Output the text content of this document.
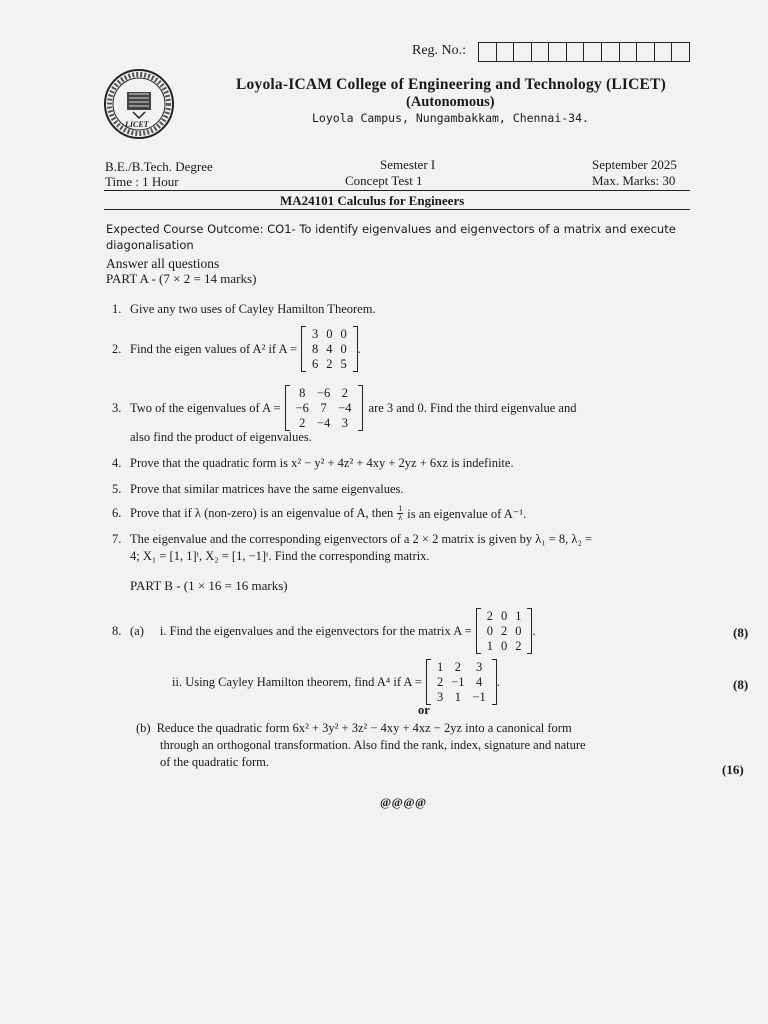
Reg. No.:
LICET
Loyola-ICAM College of Engineering and Technology (LICET)
(Autonomous)
Loyola Campus, Nungambakkam, Chennai-34.
B.E./B.Tech. Degree
Time : 1 Hour
Semester I
Concept Test 1
September 2025
Max. Marks: 30
MA24101 Calculus for Engineers
Expected Course Outcome: CO1- To identify eigenvalues and eigenvectors of a matrix and execute diagonalisation
Answer all questions
PART A - (7 × 2 = 14 marks)
1. Give any two uses of Cayley Hamilton Theorem.
2. Find the eigen values of A² if A =
3	0	0
8	4	0
6	2	5
.
3. Two of the eigenvalues of A =
8	−6	2
−6	7	−4
2	−4	3
are 3 and 0. Find the third eigenvalue and
also find the product of eigenvalues.
4. Prove that the quadratic form is x² − y² + 4z² + 4xy + 2yz + 6xz is indefinite.
5. Prove that similar matrices have the same eigenvalues.
6. Prove that if λ (non-zero) is an eigenvalue of A, then 1
λ is an eigenvalue of A⁻¹.
7. The eigenvalue and the corresponding eigenvectors of a 2 × 2 matrix is given by λ₁ = 8, λ₂ =
4; X₁ = [1, 1]ᵗ, X₂ = [1, −1]ᵗ. Find the corresponding matrix.
PART B - (1 × 16 = 16 marks)
8. (a) i. Find the eigenvalues and the eigenvectors for the matrix A =
2	0	1
0	2	0
1	0	2
.	(8)
ii. Using Cayley Hamilton theorem, find A⁴ if A =
1	2	3
2	−1	4
3	1	−1
.	(8)
or
(b) Reduce the quadratic form 6x² + 3y² + 3z² − 4xy + 4xz − 2yz into a canonical form
through an orthogonal transformation. Also find the rank, index, signature and nature
of the quadratic form.	(16)
@@@@
